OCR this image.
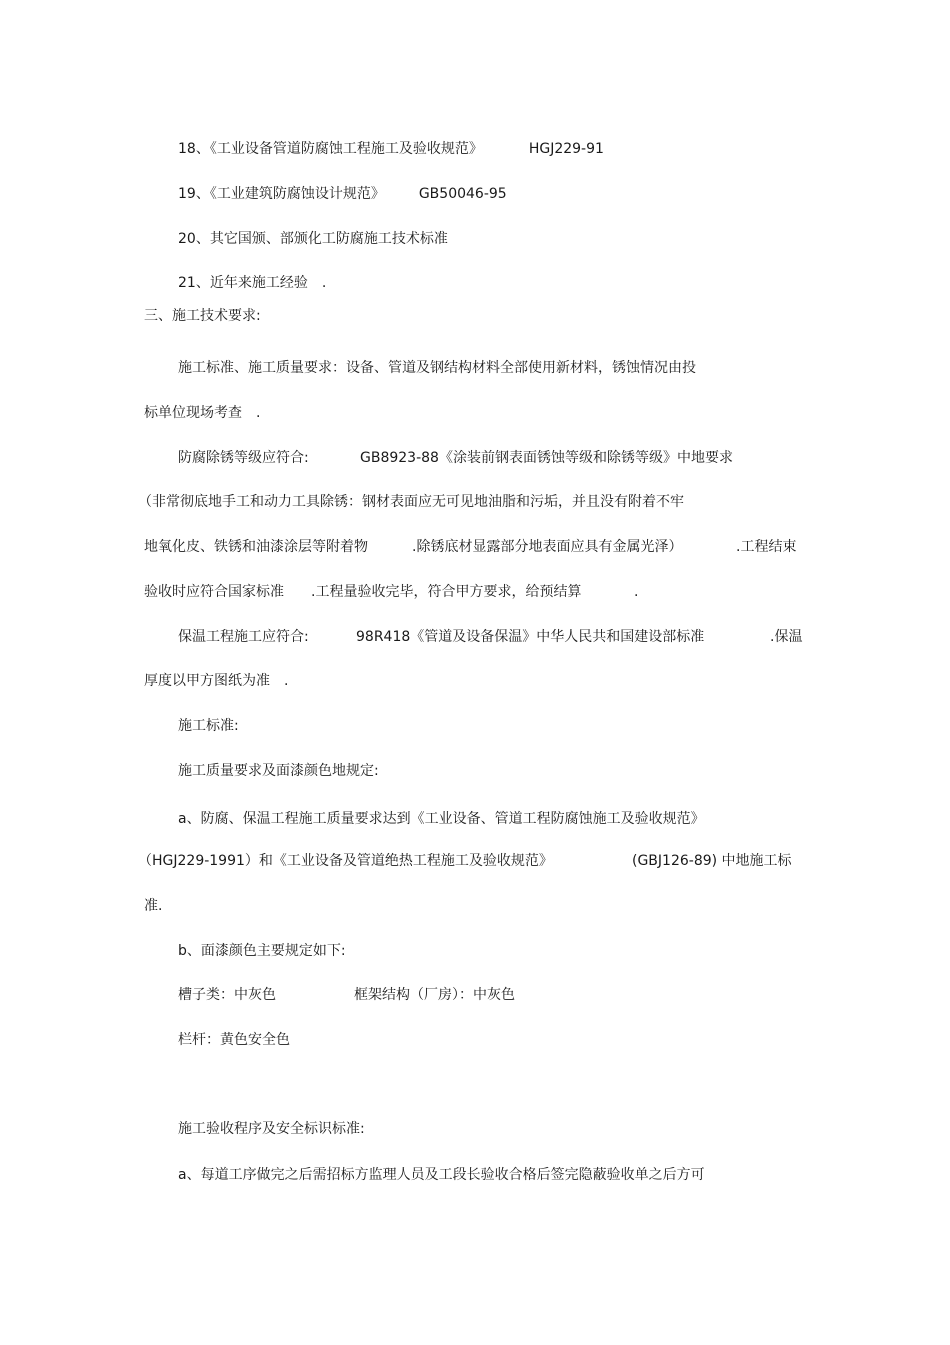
18、《工业设备管道防腐蚀工程施工及验收规范》	HGJ229-91
19、《工业建筑防腐蚀设计规范》 GB50046-95
20、其它国颁、部颁化工防腐施工技术标准
21、近年来施工经验　.
三、施工技术要求:
施工标准、施工质量要求：设备、管道及钢结构材料全部使用新材料，锈蚀情况由投
标单位现场考查　.
防腐除锈等级应符合:	GB8923-88《涂装前钢表面锈蚀等级和除锈等级》中地要求
（非常彻底地手工和动力工具除锈：钢材表面应无可见地油脂和污垢，并且没有附着不牢
地氧化皮、铁锈和油漆涂层等附着物	.除锈底材显露部分地表面应具有金属光泽）	.工程结束
验收时应符合国家标准 .工程量验收完毕，符合甲方要求，给预结算	.
保温工程施工应符合:	98R418《管道及设备保温》中华人民共和国建设部标准	.保温
厚度以甲方图纸为准　.
施工标准:
施工质量要求及面漆颜色地规定:
a、防腐、保温工程施工质量要求达到《工业设备、管道工程防腐蚀施工及验收规范》
（HGJ229-1991）和《工业设备及管道绝热工程施工及验收规范》	(GBJ126-89) 中地施工标
准.
b、面漆颜色主要规定如下:
槽子类：中灰色	框架结构（厂房）：中灰色
栏杆：黄色安全色
施工验收程序及安全标识标准:
a、每道工序做完之后需招标方监理人员及工段长验收合格后签完隐蔽验收单之后方可
